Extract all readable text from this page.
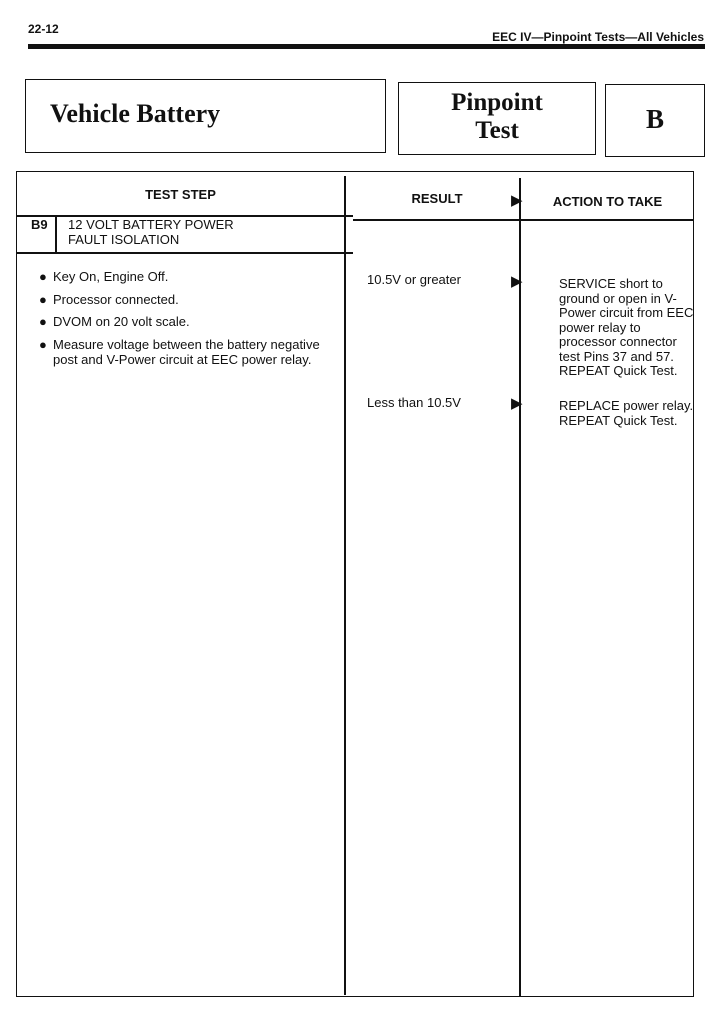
22-12
EEC IV—Pinpoint Tests—All Vehicles
Vehicle Battery	Pinpoint
Test	B
TEST STEP	RESULT	▶	ACTION TO TAKE
B9 12 VOLT BATTERY POWER
FAULT ISOLATION
● Key On, Engine Off.
● Processor connected.
● DVOM on 20 volt scale.
● Measure voltage between the battery negative post and V-Power circuit at EEC power relay.
10.5V or greater	▶	SERVICE short to ground or open in V-Power circuit from EEC power relay to processor connector test Pins 37 and 57. REPEAT Quick Test.
Less than 10.5V	▶	REPLACE power relay. REPEAT Quick Test.
